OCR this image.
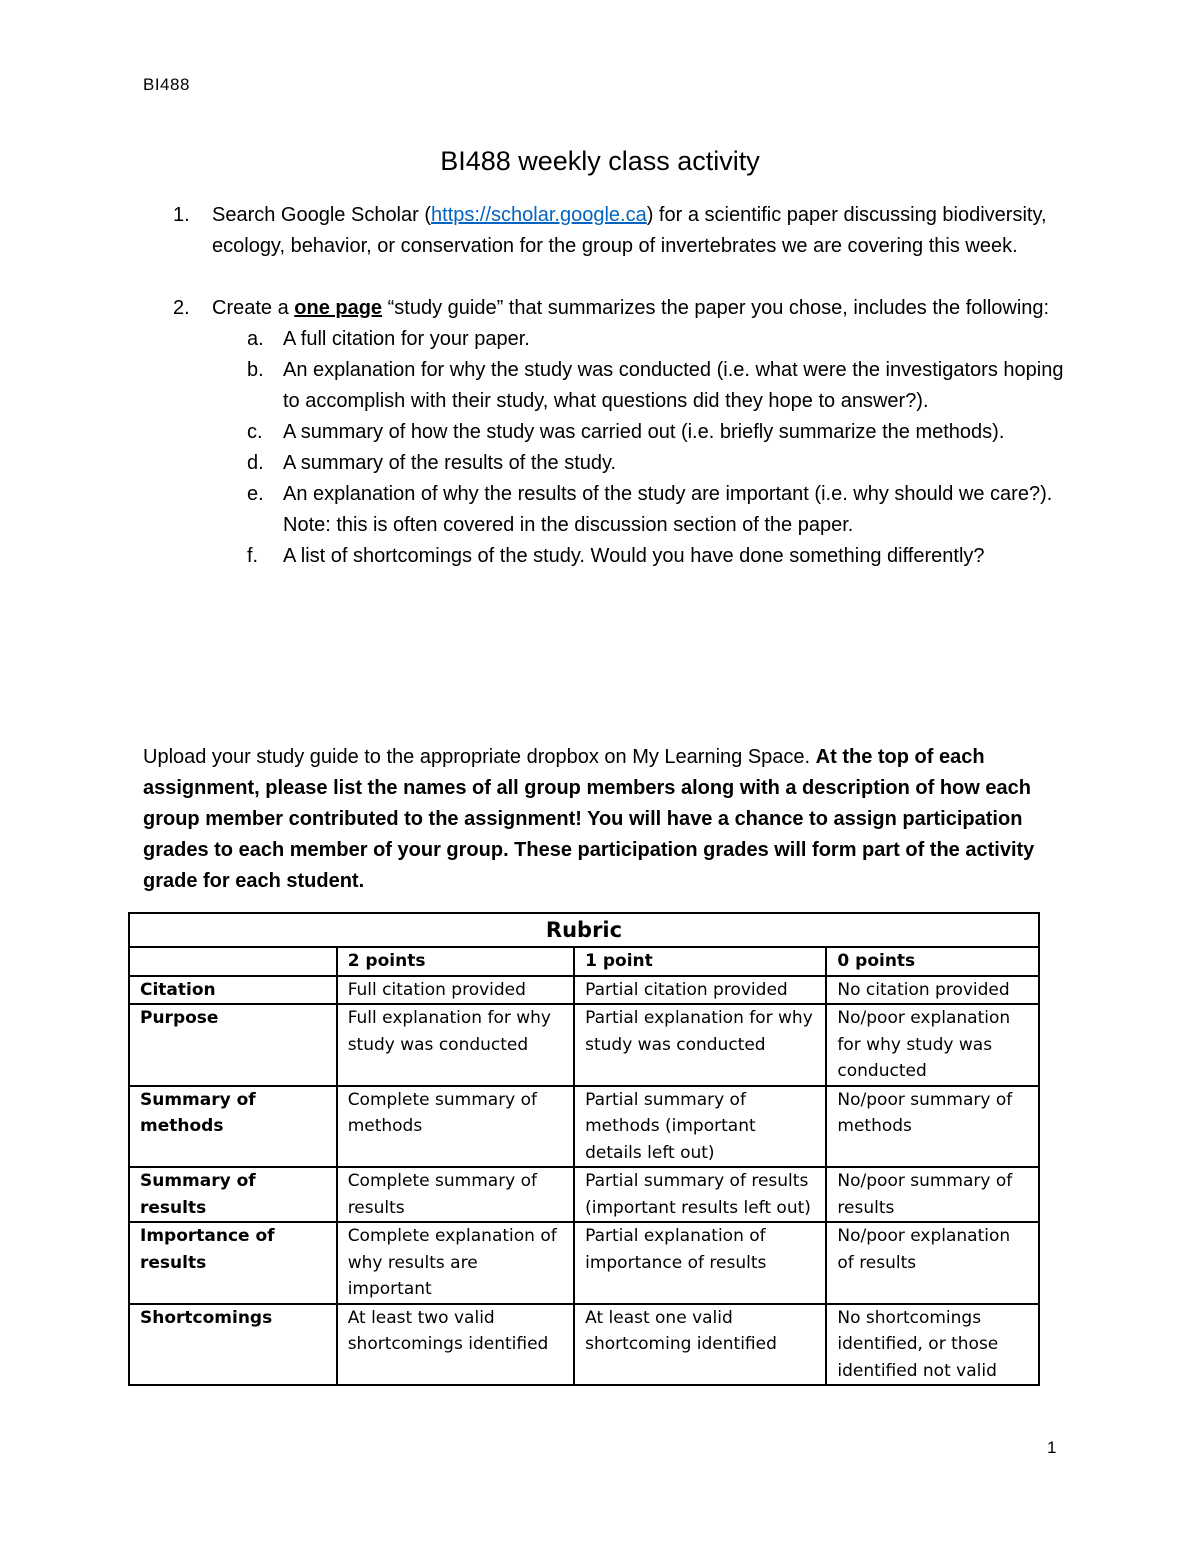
BI488
BI488 weekly class activity
1. Search Google Scholar (https://scholar.google.ca) for a scientific paper discussing biodiversity, ecology, behavior, or conservation for the group of invertebrates we are covering this week.
2. Create a one page “study guide” that summarizes the paper you chose, includes the following:
a. A full citation for your paper.
b. An explanation for why the study was conducted (i.e. what were the investigators hoping to accomplish with their study, what questions did they hope to answer?).
c. A summary of how the study was carried out (i.e. briefly summarize the methods).
d. A summary of the results of the study.
e. An explanation of why the results of the study are important (i.e. why should we care?). Note: this is often covered in the discussion section of the paper.
f. A list of shortcomings of the study. Would you have done something differently?
Upload your study guide to the appropriate dropbox on My Learning Space. At the top of each assignment, please list the names of all group members along with a description of how each group member contributed to the assignment! You will have a chance to assign participation grades to each member of your group. These participation grades will form part of the activity grade for each student.
Rubric			
	2 points	1 point	0 points
Citation	Full citation provided	Partial citation provided	No citation provided
Purpose	Full explanation for why study was conducted	Partial explanation for why study was conducted	No/poor explanation for why study was conducted
Summary of methods	Complete summary of methods	Partial summary of methods (important details left out)	No/poor summary of methods
Summary of results	Complete summary of results	Partial summary of results (important results left out)	No/poor summary of results
Importance of results	Complete explanation of why results are important	Partial explanation of importance of results	No/poor explanation of results
Shortcomings	At least two valid shortcomings identified	At least one valid shortcoming identified	No shortcomings identified, or those identified not valid
1
